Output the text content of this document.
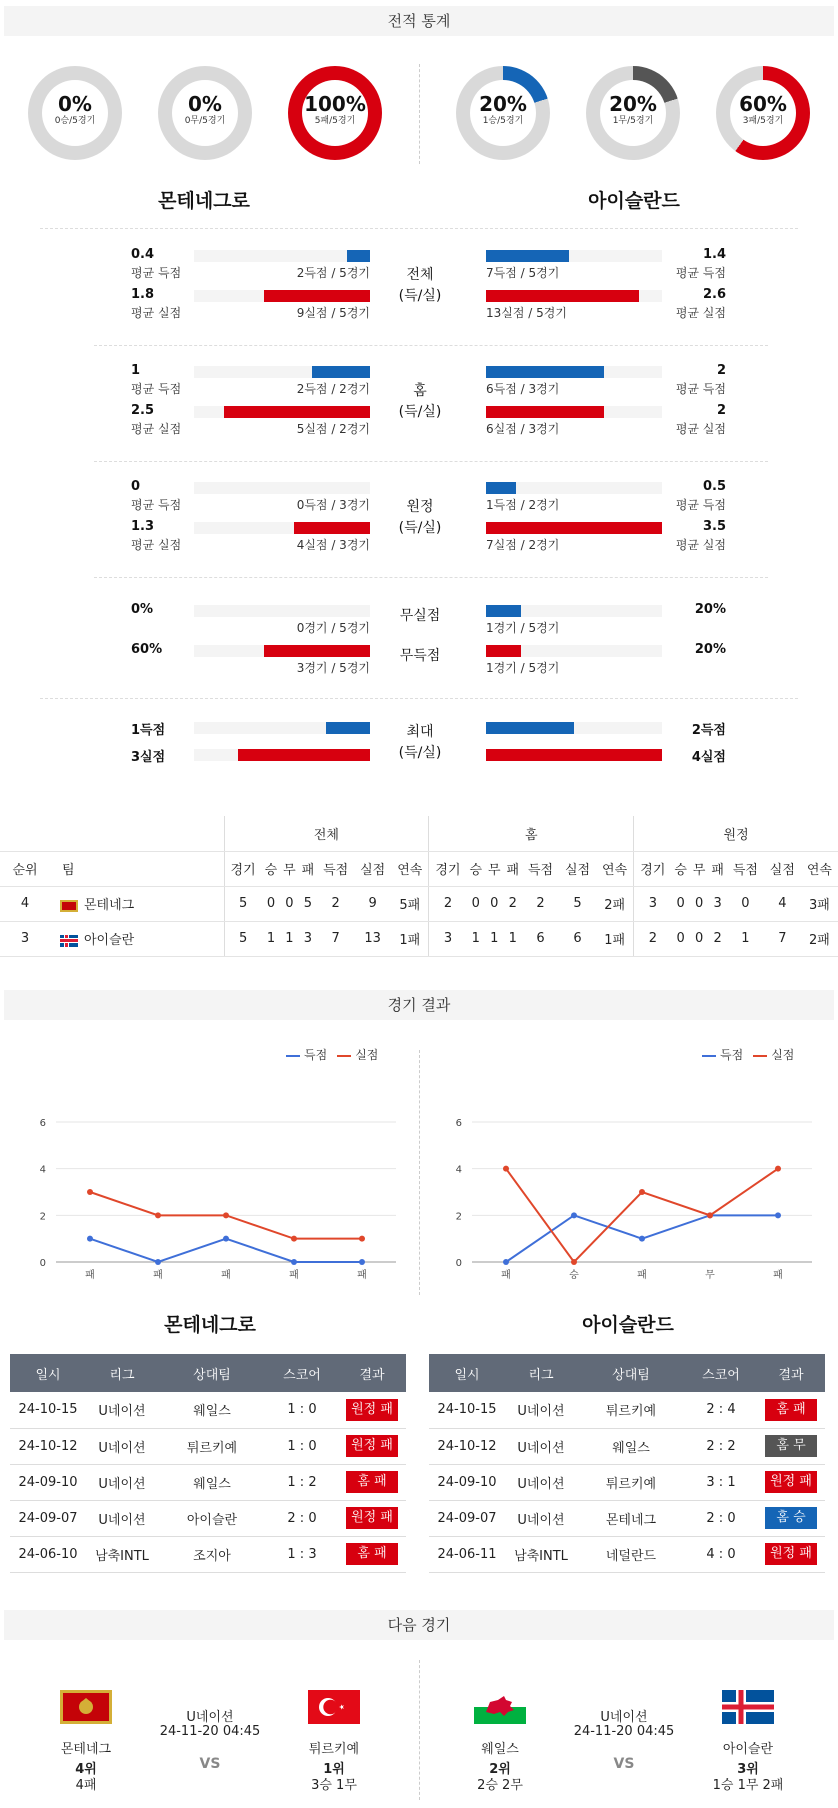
전적 통계
0%
0승/5경기
0%
0무/5경기
100%
5패/5경기
20%
1승/5경기
20%
1무/5경기
60%
3패/5경기
몬테네그로	아이슬란드
0.4
평균 득점	2득점 / 5경기
1.4
평균 득점
7득점 / 5경기
1.8
평균 실점	9실점 / 5경기
2.6
평균 실점
13실점 / 5경기
전체
(득/실)
1
평균 득점	2득점 / 2경기
2
평균 득점
6득점 / 3경기
2.5
평균 실점	5실점 / 2경기
2
평균 실점
6실점 / 3경기
홈
(득/실)
0
평균 득점	0득점 / 3경기
0.5
평균 득점
1득점 / 2경기
1.3
평균 실점	4실점 / 3경기
3.5
평균 실점
7실점 / 2경기
원정
(득/실)
0%
0경기 / 5경기
20%
1경기 / 5경기
무실점
60%
3경기 / 5경기
20%
1경기 / 5경기
무득점
1득점	2득점
3실점	4실점
최대
(득/실)
		전체							홈							원정						
순위	팀	경기	승	무	패	득점	실점	연속	경기	승	무	패	득점	실점	연속	경기	승	무	패	득점	실점	연속
4	몬테네그	5	0	0	5	2	9	5패	2	0	0	2	2	5	2패	3	0	0	3	0	4	3패
3	아이슬란	5	1	1	3	7	13	1패	3	1	1	1	6	6	1패	2	0	0	2	1	7	2패
경기 결과
득점 실점
0
2
4
6
패	패	패	패	패
득점 실점
0
2
4
6
패	승	패	무	패
몬테네그로	아이슬란드
일시	리그	상대팀	스코어	결과
24-10-15	U네이션	웨일스	1 : 0	원정 패
24-10-12	U네이션	튀르키예	1 : 0	원정 패
24-09-10	U네이션	웨일스	1 : 2	홈 패
24-09-07	U네이션	아이슬란	2 : 0	원정 패
24-06-10	남축INTL	조지아	1 : 3	홈 패
일시	리그	상대팀	스코어	결과
24-10-15	U네이션	튀르키예	2 : 4	홈 패
24-10-12	U네이션	웨일스	2 : 2	홈 무
24-09-10	U네이션	튀르키예	3 : 1	원정 패
24-09-07	U네이션	몬테네그	2 : 0	홈 승
24-06-11	남축INTL	네덜란드	4 : 0	원정 패
다음 경기
몬테네그
4위
4패
U네이션
24-11-20 04:45
VS
튀르키예
1위
3승 1무
웨일스
2위
2승 2무
U네이션
24-11-20 04:45
VS
아이슬란
3위
1승 1무 2패
